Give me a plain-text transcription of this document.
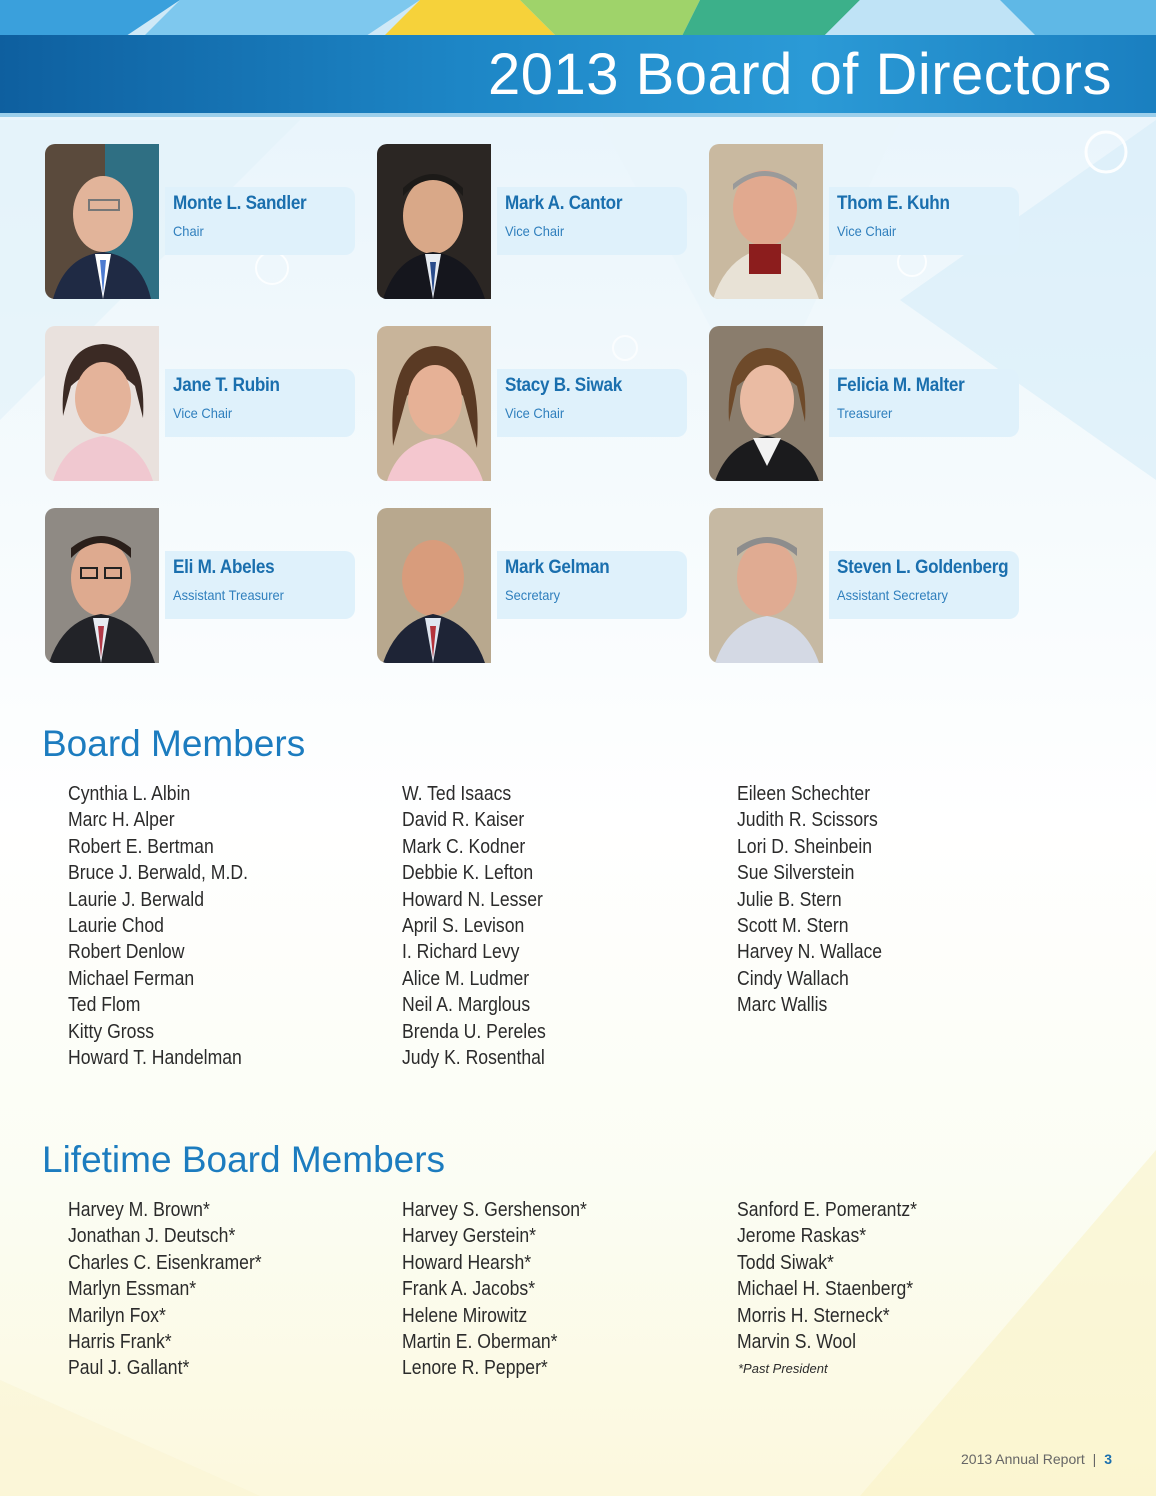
2013 Board of Directors
Monte L. Sandler
Chair
Mark A. Cantor
Vice Chair
Thom E. Kuhn
Vice Chair
Jane T. Rubin
Vice Chair
Stacy B. Siwak
Vice Chair
Felicia M. Malter
Treasurer
Eli M. Abeles
Assistant Treasurer
Mark Gelman
Secretary
Steven L. Goldenberg
Assistant Secretary
Board Members
Cynthia L. Albin
Marc H. Alper
Robert E. Bertman
Bruce J. Berwald, M.D.
Laurie J. Berwald
Laurie Chod
Robert Denlow
Michael Ferman
Ted Flom
Kitty Gross
Howard T. Handelman
W. Ted Isaacs
David R. Kaiser
Mark C. Kodner
Debbie K. Lefton
Howard N. Lesser
April S. Levison
I. Richard Levy
Alice M. Ludmer
Neil A. Marglous
Brenda U. Pereles
Judy K. Rosenthal
Eileen Schechter
Judith R. Scissors
Lori D. Sheinbein
Sue Silverstein
Julie B. Stern
Scott M. Stern
Harvey N. Wallace
Cindy Wallach
Marc Wallis
Lifetime Board Members
Harvey M. Brown*
Jonathan J. Deutsch*
Charles C. Eisenkramer*
Marlyn Essman*
Marilyn Fox*
Harris Frank*
Paul J. Gallant*
Harvey S. Gershenson*
Harvey Gerstein*
Howard Hearsh*
Frank A. Jacobs*
Helene Mirowitz
Martin E. Oberman*
Lenore R. Pepper*
Sanford E. Pomerantz*
Jerome Raskas*
Todd Siwak*
Michael H. Staenberg*
Morris H. Sterneck*
Marvin S. Wool
*Past President
2013 Annual Report | 3
